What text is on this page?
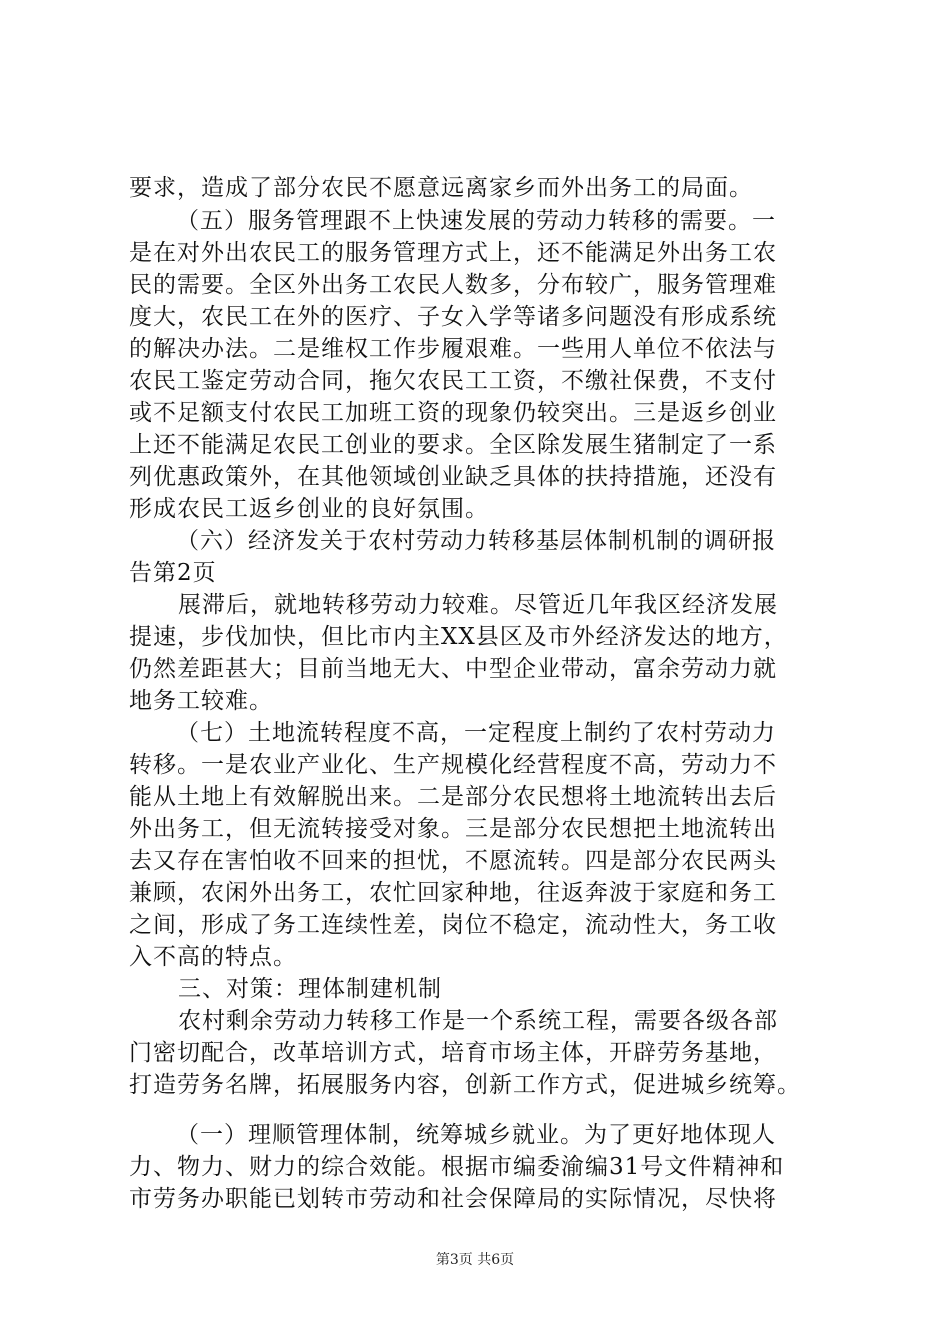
要求，造成了部分农民不愿意远离家乡而外出务工的局面。
（五）服务管理跟不上快速发展的劳动力转移的需要。一
是在对外出农民工的服务管理方式上，还不能满足外出务工农
民的需要。全区外出务工农民人数多，分布较广，服务管理难
度大，农民工在外的医疗、子女入学等诸多问题没有形成系统
的解决办法。二是维权工作步履艰难。一些用人单位不依法与
农民工鉴定劳动合同，拖欠农民工工资，不缴社保费，不支付
或不足额支付农民工加班工资的现象仍较突出。三是返乡创业
上还不能满足农民工创业的要求。全区除发展生猪制定了一系
列优惠政策外，在其他领域创业缺乏具体的扶持措施，还没有
形成农民工返乡创业的良好氛围。
（六）经济发关于农村劳动力转移基层体制机制的调研报
告第2页
展滞后，就地转移劳动力较难。尽管近几年我区经济发展
提速，步伐加快，但比市内主XX县区及市外经济发达的地方，
仍然差距甚大；目前当地无大、中型企业带动，富余劳动力就
地务工较难。
（七）土地流转程度不高，一定程度上制约了农村劳动力
转移。一是农业产业化、生产规模化经营程度不高，劳动力不
能从土地上有效解脱出来。二是部分农民想将土地流转出去后
外出务工，但无流转接受对象。三是部分农民想把土地流转出
去又存在害怕收不回来的担忧，不愿流转。四是部分农民两头
兼顾，农闲外出务工，农忙回家种地，往返奔波于家庭和务工
之间，形成了务工连续性差，岗位不稳定，流动性大，务工收
入不高的特点。
三、对策：理体制建机制
农村剩余劳动力转移工作是一个系统工程，需要各级各部
门密切配合，改革培训方式，培育市场主体，开辟劳务基地，
打造劳务名牌，拓展服务内容，创新工作方式，促进城乡统筹。
（一）理顺管理体制，统筹城乡就业。为了更好地体现人
力、物力、财力的综合效能。根据市编委渝编31号文件精神和
市劳务办职能已划转市劳动和社会保障局的实际情况，尽快将
第3页 共6页
